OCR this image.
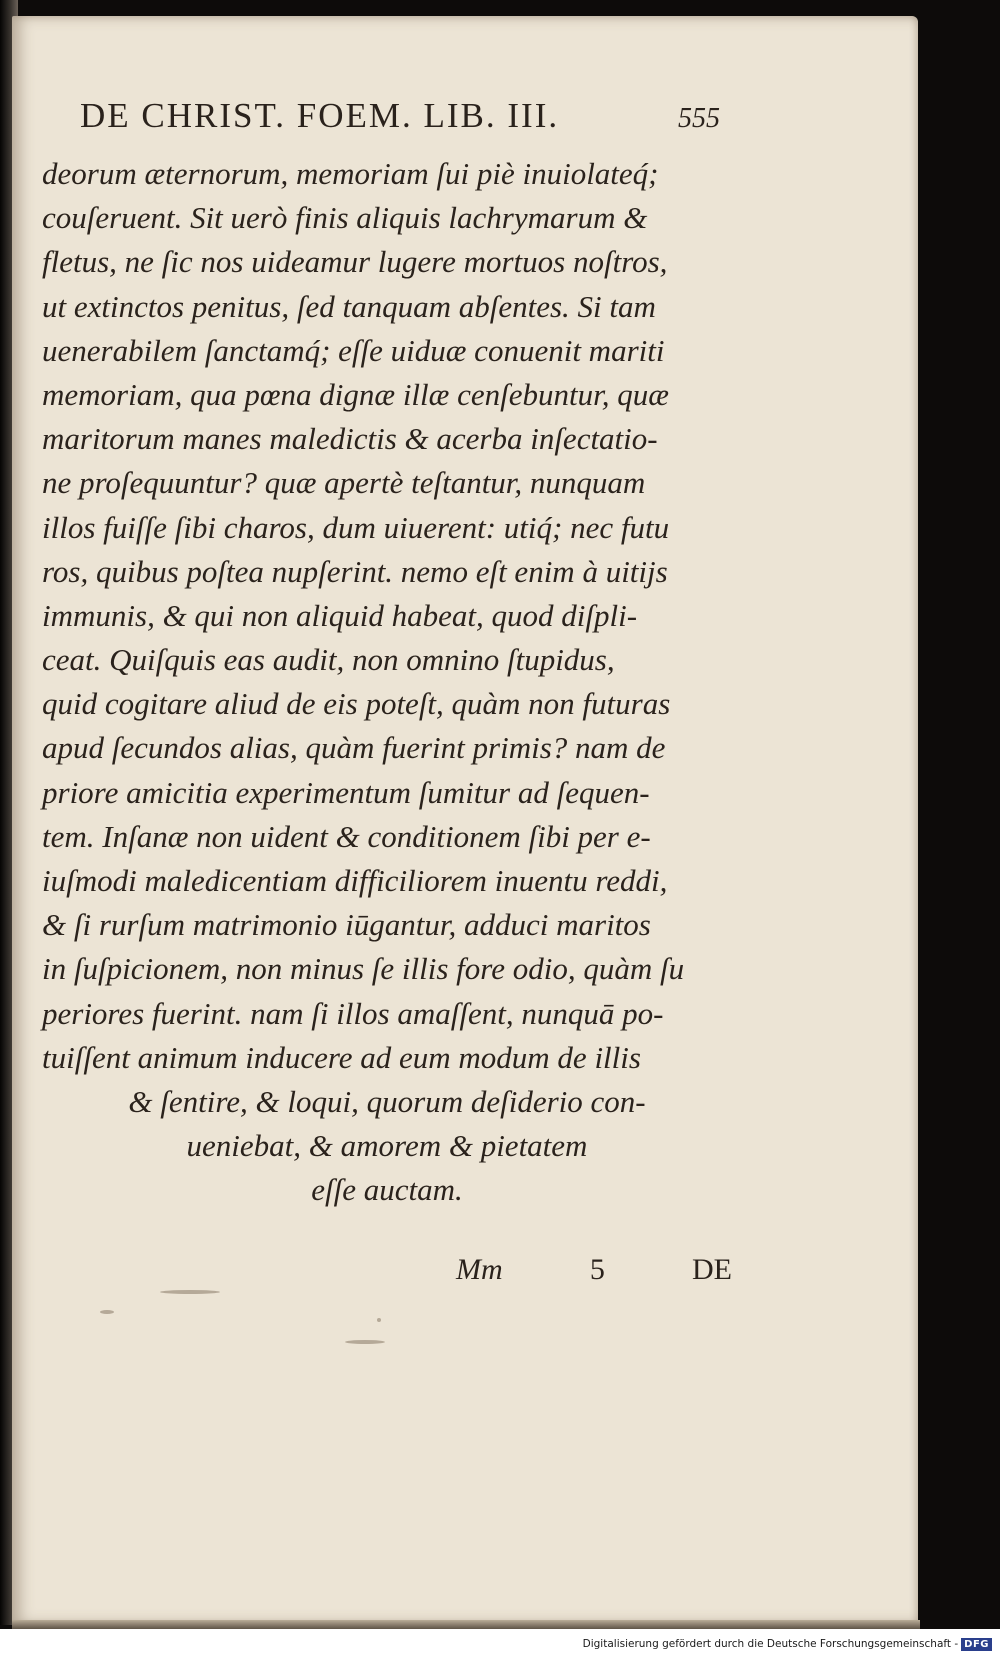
DE CHRIST. FOEM. LIB. III.	555
deorum æternorum, memoriam ſui piè inuiolateq́;
couſeruent. Sit uerò finis aliquis lachrymarum &
fletus, ne ſic nos uideamur lugere mortuos noſtros,
ut extinctos penitus, ſed tanquam abſentes. Si tam
uenerabilem ſanctamq́; eſſe uiduæ conuenit mariti
memoriam, qua pœna dignæ illæ cenſebuntur, quæ
maritorum manes maledictis & acerba inſectatio-
ne proſequuntur? quæ apertè teſtantur, nunquam
illos fuiſſe ſibi charos, dum uiuerent: utiq́; nec futu
ros, quibus poſtea nupſerint. nemo eſt enim à uitijs
immunis, & qui non aliquid habeat, quod diſpli-
ceat. Quiſquis eas audit, non omnino ſtupidus,
quid cogitare aliud de eis poteſt, quàm non futuras
apud ſecundos alias, quàm fuerint primis? nam de
priore amicitia experimentum ſumitur ad ſequen-
tem. Inſanæ non uident & conditionem ſibi per e-
iuſmodi maledicentiam difficiliorem inuentu reddi,
& ſi rurſum matrimonio iūgantur, adduci maritos
in ſuſpicionem, non minus ſe illis fore odio, quàm ſu
periores fuerint. nam ſi illos amaſſent, nunquā po-
tuiſſent animum inducere ad eum modum de illis
& ſentire, & loqui, quorum deſiderio con-
ueniebat, & amorem & pietatem
eſſe auctam.
Mm	5	DE
Digitalisierung gefördert durch die Deutsche Forschungsgemeinschaft - DFG
